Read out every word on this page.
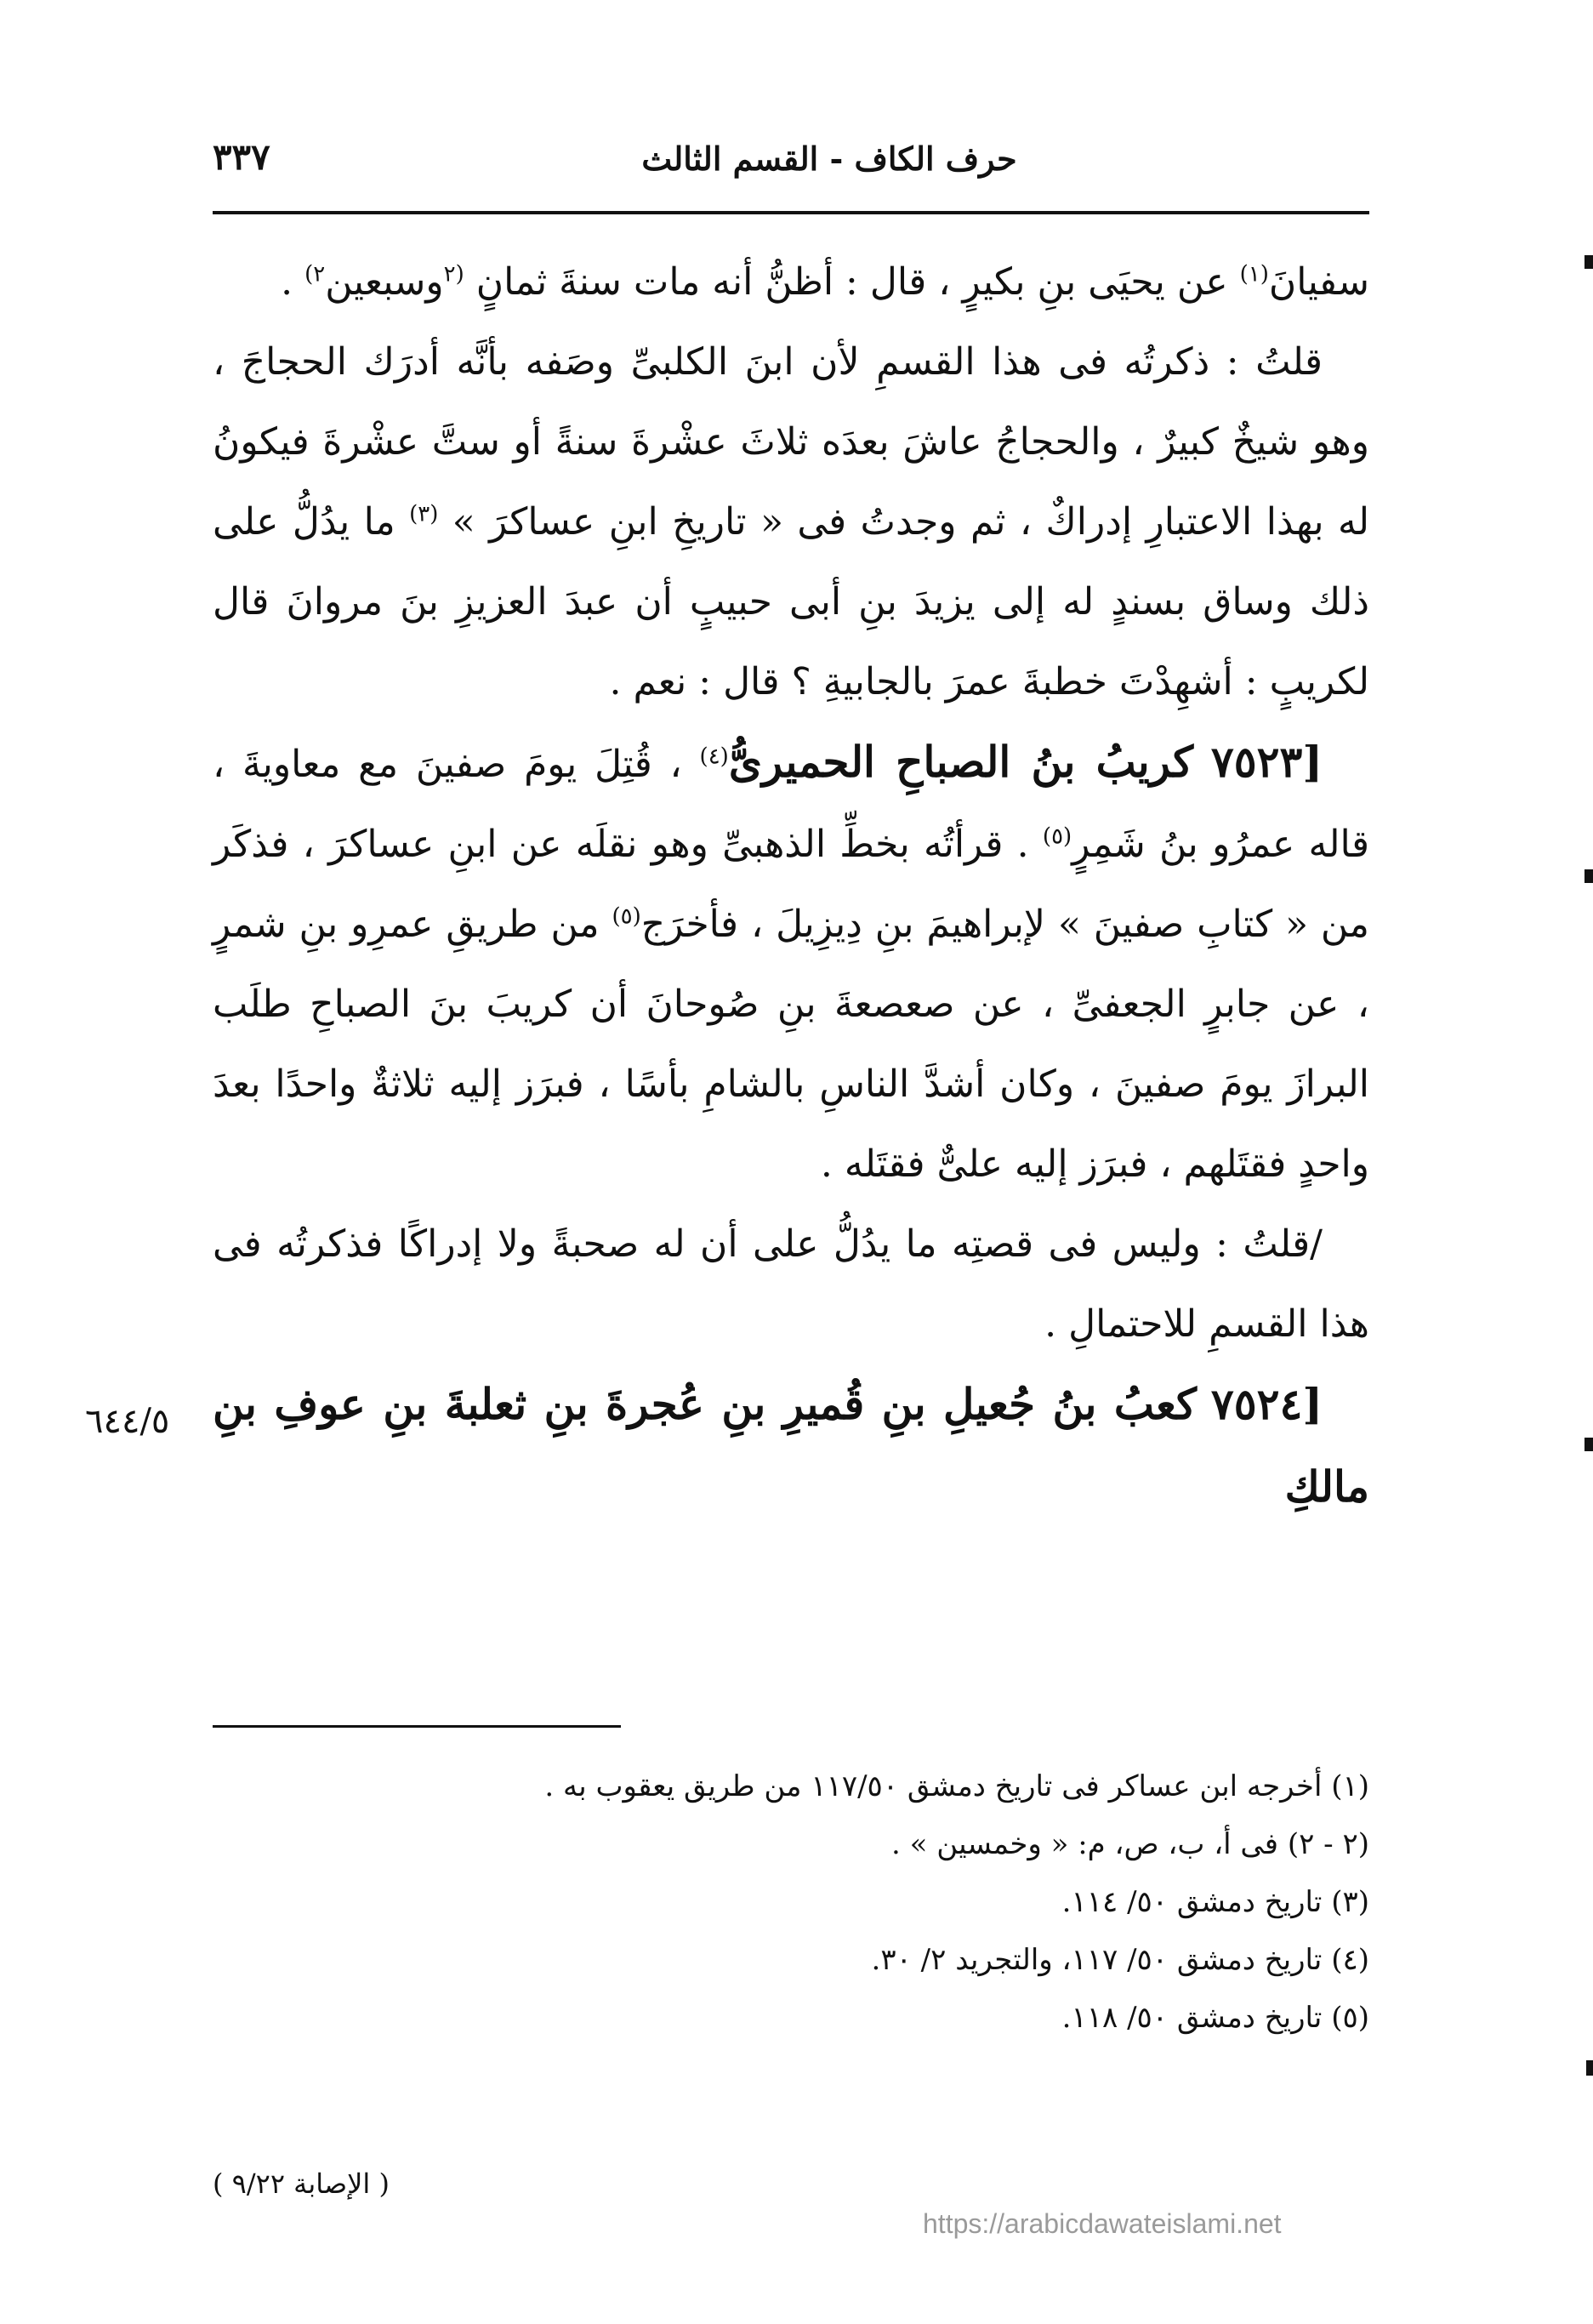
٣٣٧	حرف الكاف - القسم الثالث

سفيانَ$^{(١)}$ عن يحيَى بنِ بكيرٍ ، قال : أظنُّ أنه مات سنةَ ثمانٍ $^{(٢}$وسبعين$^{٢)}$ .

قلتُ : ذكرتُه فى هذا القسمِ لأن ابنَ الكلبىِّ وصَفه بأنَّه أدرَك الحجاجَ ، وهو شيخٌ كبيرٌ ، والحجاجُ عاشَ بعدَه ثلاثَ عشْرةَ سنةً أو ستَّ عشْرةَ فيكونُ له بهذا الاعتبارِ إدراكٌ ، ثم وجدتُ فى « تاريخِ ابنِ عساكرَ » $^{(٣)}$ ما يدُلُّ على ذلك وساق بسندٍ له إلى يزيدَ بنِ أبى حبيبٍ أن عبدَ العزيزِ بنَ مروانَ قال لكريبٍ : أشهِدْتَ خطبةَ عمرَ بالجابيةِ ؟ قال : نعم .

[٧٥٢٣ كريبُ بنُ الصباحِ الحميرىُّ$^{(٤)}$ ، قُتِلَ يومَ صفينَ مع معاويةَ ، قاله عمرُو بنُ شَمِرٍ$^{(٥)}$ . قرأتُه بخطِّ الذهبىِّ وهو نقلَه عن ابنِ عساكرَ ، فذكَر من « كتابِ صفينَ » لإبراهيمَ بنِ دِيزِيلَ ، فأخرَج$^{(٥)}$ من طريقِ عمرِو بنِ شمرٍ ، عن جابرٍ الجعفىِّ ، عن صعصعةَ بنِ صُوحانَ أن كريبَ بنَ الصباحِ طلَب البرازَ يومَ صفينَ ، وكان أشدَّ الناسِ بالشامِ بأسًا ، فبرَز إليه ثلاثةٌ واحدًا بعدَ واحدٍ فقتَلهم ، فبرَز إليه علىٌّ فقتَله .

/قلتُ : وليس فى قصتِه ما يدُلُّ على أن له صحبةً ولا إدراكًا فذكرتُه فى هذا القسمِ للاحتمالِ .

[٧٥٢٤ كعبُ بنُ جُعيلِ بنِ قُميرِ بنِ عُجرةَ بنِ ثعلبةَ بنِ عوفِ بنِ مالكِ

٦٤٤/٥

(١) أخرجه ابن عساكر فى تاريخ دمشق ١١٧/٥٠ من طريق يعقوب به .

(٢ - ٢) فى أ، ب، ص، م: « وخمسين » .

(٣) تاريخ دمشق ٥٠/ ١١٤.

(٤) تاريخ دمشق ٥٠/ ١١٧، والتجريد ٢/ ٣٠.

(٥) تاريخ دمشق ٥٠/ ١١٨.

( الإصابة ٩/٢٢ )
https://arabicdawateislami.net
